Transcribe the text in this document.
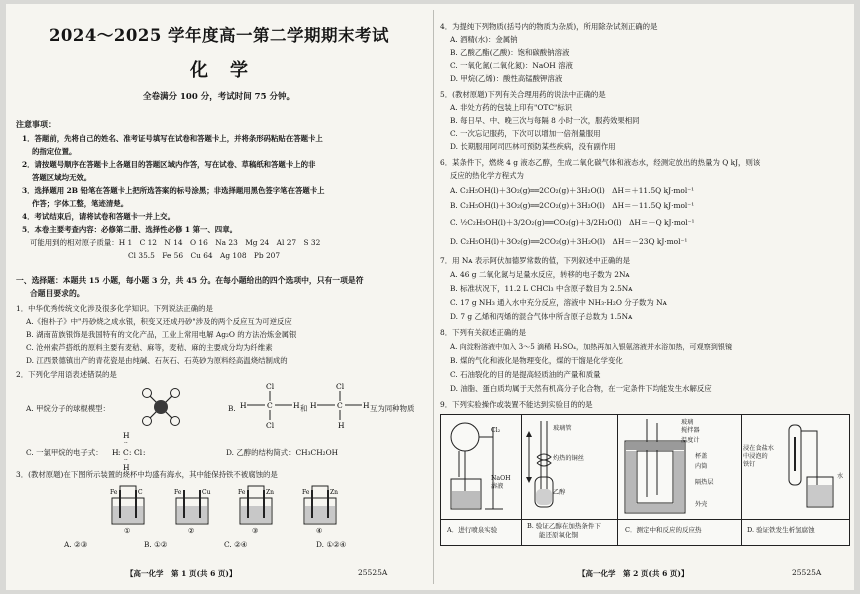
2024～2025 学年度高一第二学期期末考试
化学
全卷满分 100 分，考试时间 75 分钟。
注意事项：
1．答题前，先将自己的姓名、准考证号填写在试卷和答题卡上，并将条形码粘贴在答题卡上
的指定位置。
2．请按题号顺序在答题卡上各题目的答题区域内作答，写在试卷、草稿纸和答题卡上的非
答题区域均无效。
3．选择题用 2B 铅笔在答题卡上把所选答案的标号涂黑；非选择题用黑色签字笔在答题卡上
作答；字体工整，笔迹清楚。
4．考试结束后，请将试卷和答题卡一并上交。
5．本卷主要考查内容：必修第二册、选择性必修 1 第一、四章。
可能用到的相对原子质量：H 1　C 12　N 14　O 16　Na 23　Mg 24　Al 27　S 32
Cl 35.5　Fe 56　Cu 64　Ag 108　Pb 207
一、选择题：本题共 15 小题，每小题 3 分，共 45 分。在每小题给出的四个选项中，只有一项是符
合题目要求的。
1．中华优秀传统文化涉及很多化学知识。下列说法正确的是
A.《抱朴子》中"丹砂烧之成水银，积变又还成丹砂"涉及的两个反应互为可逆反应
B. 湖南苗族银饰是我国特有的文化产品，工业上常用电解 Ag₂O 的方法冶炼金属银
C. 沧州索芦搭纸的原料主要有麦秸、麻等，麦秸、麻的主要成分均为纤维素
D. 江西景德镇出产的青花瓷是由纯碱、石灰石、石英砂为原料经高温烧结制成的
2．下列化学用语表述错误的是
A. 甲烷分子的球棍模型：	B.
Cl
H	C	H
Cl
和
Cl
H	C	H
H
互为同种物质
C. 一氯甲烷的电子式：
H
··
H : C : Cl :
··
H
D. 乙醇的结构简式：CH₃CH₂OH
3．(教材原题)在下图所示装置的烧杯中均盛有海水，其中能保持铁不被腐蚀的是
Fe	C
①
Fe	Cu
②
Fe	Zn
③
Fe	Zn
④
A. ②③	B. ①②	C. ②④	D. ①②④
【高一化学　第 1 页(共 6 页)】	25525A
4．为提纯下列物质(括号内的物质为杂质)，所用除杂试剂正确的是
A. 酒精(水)：金属钠
B. 乙酸乙酯(乙酸)：饱和碳酸钠溶液
C. 一氧化氮(二氧化氮)：NaOH 溶液
D. 甲烷(乙烯)：酸性高锰酸钾溶液
5．(教材原题)下列有关合理用药的说法中正确的是
A. 非处方药的包装上印有"OTC"标识
B. 每日早、中、晚三次与每隔 8 小时一次，服药效果相同
C. 一次忘记服药，下次可以增加一倍剂量服用
D. 长期服用阿司匹林可预防某些疾病，没有副作用
6．某条件下，燃烧 4 g 液态乙醇，生成二氧化碳气体和液态水，经测定放出的热量为 Q kJ，则该
反应的热化学方程式为
A. C₂H₅OH(l)＋3O₂(g)══2CO₂(g)＋3H₂O(l)　ΔH＝＋11.5Q kJ·mol⁻¹
B. C₂H₅OH(l)＋3O₂(g)══2CO₂(g)＋3H₂O(l)　ΔH＝－11.5Q kJ·mol⁻¹
C. ½C₂H₅OH(l)＋3/2O₂(g)══CO₂(g)＋3/2H₂O(l)　ΔH＝－Q kJ·mol⁻¹
D. C₂H₅OH(l)＋3O₂(g)══2CO₂(g)＋3H₂O(l)　ΔH＝－23Q kJ·mol⁻¹
7．用 Nᴀ 表示阿伏加德罗常数的值，下列叙述中正确的是
A. 46 g 二氧化氮与足量水反应，转移的电子数为 2Nᴀ
B. 标准状况下，11.2 L CHCl₃ 中含原子数目为 2.5Nᴀ
C. 17 g NH₃ 通入水中充分反应，溶液中 NH₃·H₂O 分子数为 Nᴀ
D. 7 g 乙烯和丙烯的混合气体中所含原子总数为 1.5Nᴀ
8．下列有关叙述正确的是
A. 向淀粉溶液中加入 3～5 滴稀 H₂SO₄，加热再加入银氨溶液并水浴加热，可观察到银镜
B. 煤的气化和液化是物理变化，煤的干馏是化学变化
C. 石油裂化的目的是提高轻质油的产量和质量
D. 油脂、蛋白质均属于天然有机高分子化合物，在一定条件下均能发生水解反应
9．下列实验操作或装置不能达到实验目的的是
Cl₂
NaOH
溶液
玻璃管
灼热的铜丝
乙醇
玻璃
搅拌器
温度计
杯盖
内筒
隔热层
外壳
浸在食盐水
中浸泡的
铁钉
水
A．进行喷泉实验	B. 验证乙醇在加热条件下
能还原氧化铜
C．测定中和反应的反应热	D. 验证铁发生析氢腐蚀
【高一化学　第 2 页(共 6 页)】	25525A
